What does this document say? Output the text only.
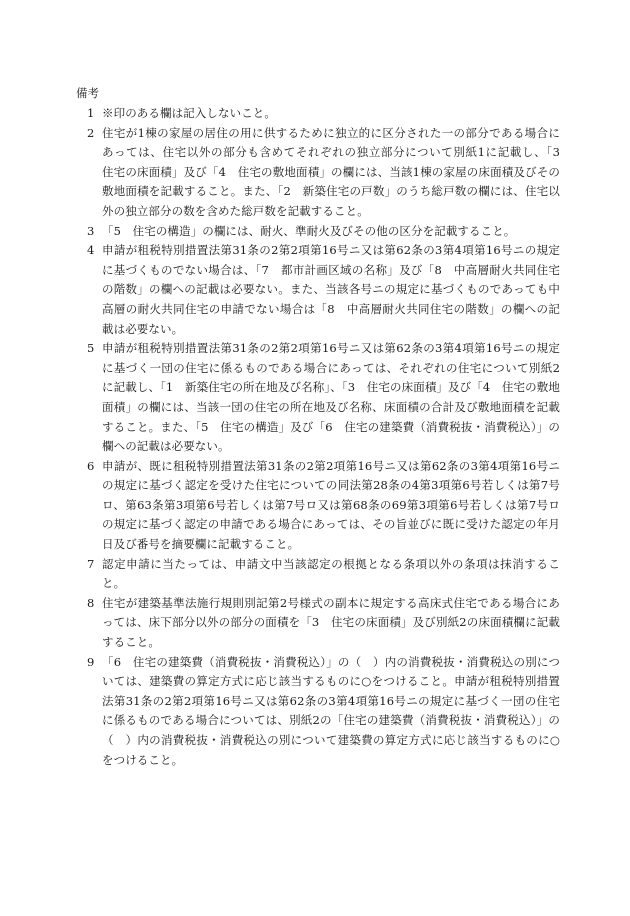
備考
1 ※印のある欄は記入しないこと。
2 住宅が1棟の家屋の居住の用に供するために独立的に区分された一の部分である場合にあっては、住宅以外の部分も含めてそれぞれの独立部分について別紙1に記載し、「3　住宅の床面積」及び「4　住宅の敷地面積」の欄には、当該1棟の家屋の床面積及びその敷地面積を記載すること。また、「2　新築住宅の戸数」のうち総戸数の欄には、住宅以外の独立部分の数を含めた総戸数を記載すること。
3 「5　住宅の構造」の欄には、耐火、準耐火及びその他の区分を記載すること。
4 申請が租税特別措置法第31条の2第2項第16号ニ又は第62条の3第4項第16号ニの規定に基づくものでない場合は、「7　都市計画区域の名称」及び「8　中高層耐火共同住宅の階数」の欄への記載は必要ない。また、当該各号ニの規定に基づくものであっても中高層の耐火共同住宅の申請でない場合は「8　中高層耐火共同住宅の階数」の欄への記載は必要ない。
5 申請が租税特別措置法第31条の2第2項第16号ニ又は第62条の3第4項第16号ニの規定に基づく一団の住宅に係るものである場合にあっては、それぞれの住宅について別紙2に記載し、「1　新築住宅の所在地及び名称」、「3　住宅の床面積」及び「4　住宅の敷地面積」の欄には、当該一団の住宅の所在地及び名称、床面積の合計及び敷地面積を記載すること。また、「5　住宅の構造」及び「6　住宅の建築費（消費税抜・消費税込）」の欄への記載は必要ない。
6 申請が、既に租税特別措置法第31条の2第2項第16号ニ又は第62条の3第4項第16号ニの規定に基づく認定を受けた住宅についての同法第28条の4第3項第6号若しくは第7号ロ、第63条第3項第6号若しくは第7号ロ又は第68条の69第3項第6号若しくは第7号ロの規定に基づく認定の申請である場合にあっては、その旨並びに既に受けた認定の年月日及び番号を摘要欄に記載すること。
7 認定申請に当たっては、申請文中当該認定の根拠となる条項以外の条項は抹消すること。
8 住宅が建築基準法施行規則別記第2号様式の副本に規定する高床式住宅である場合にあっては、床下部分以外の部分の面積を「3　住宅の床面積」及び別紙2の床面積欄に記載すること。
9 「6　住宅の建築費（消費税抜・消費税込）」の（　）内の消費税抜・消費税込の別については、建築費の算定方式に応じ該当するものに○をつけること。申請が租税特別措置法第31条の2第2項第16号ニ又は第62条の3第4項第16号ニの規定に基づく一団の住宅に係るものである場合については、別紙2の「住宅の建築費（消費税抜・消費税込）」の（　）内の消費税抜・消費税込の別について建築費の算定方式に応じ該当するものに○をつけること。
